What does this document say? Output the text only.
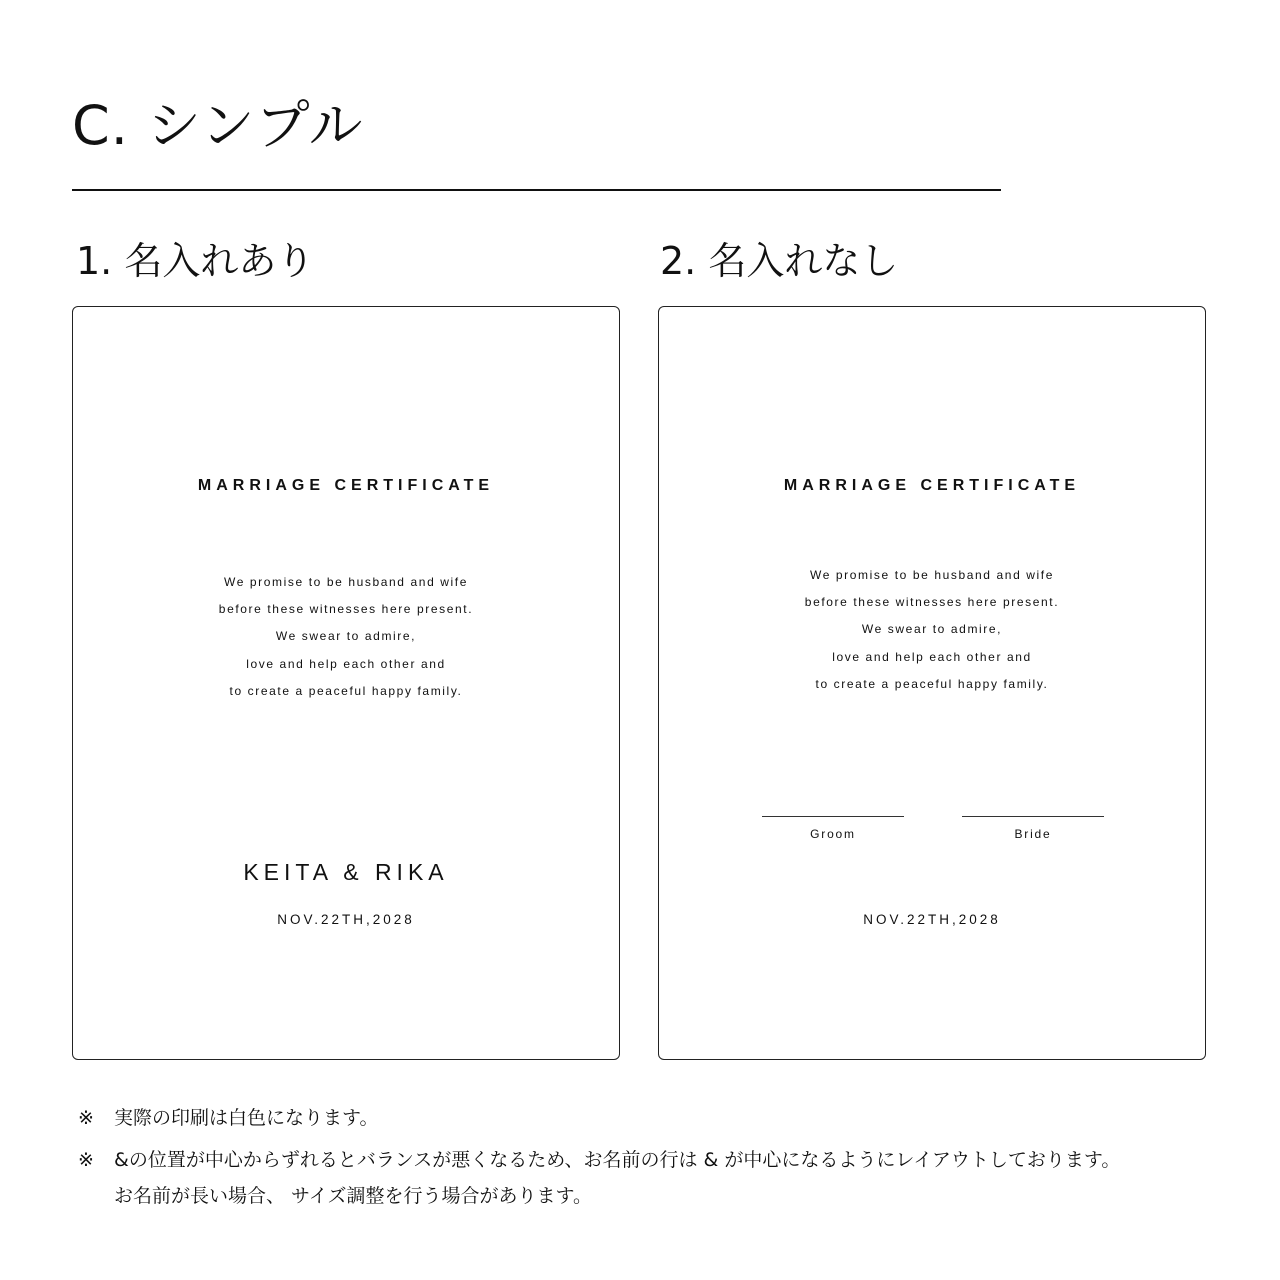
C. シンプル
1. 名入れあり
MARRIAGE CERTIFICATE
We promise to be husband and wife
before these witnesses here present.
We swear to admire,
love and help each other and
to create a peaceful happy family.
KEITA & RIKA
NOV.22TH,2028
2. 名入れなし
MARRIAGE CERTIFICATE
We promise to be husband and wife
before these witnesses here present.
We swear to admire,
love and help each other and
to create a peaceful happy family.
Groom	Bride
NOV.22TH,2028
※ 実際の印刷は白色になります。
※ &の位置が中心からずれるとバランスが悪くなるため、お名前の行は & が中心になるようにレイアウトしております。
お名前が長い場合、 サイズ調整を行う場合があります。
